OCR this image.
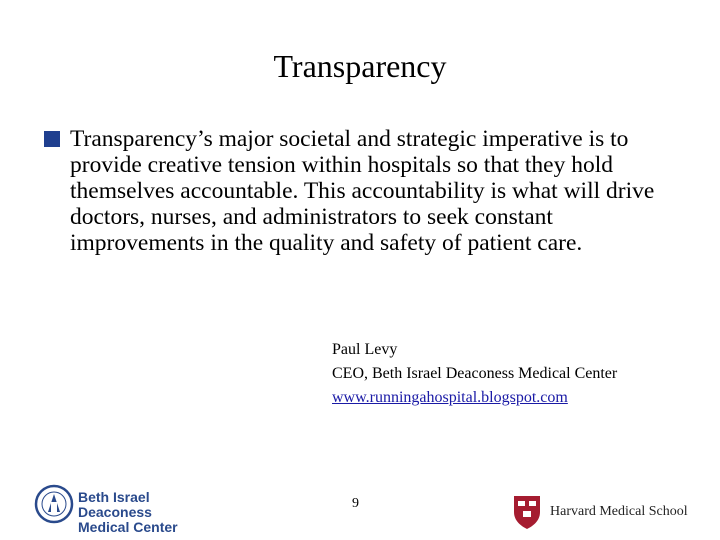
Transparency
Transparency’s major societal and strategic imperative is to provide creative tension within hospitals so that they hold themselves accountable. This accountability is what will drive doctors, nurses, and administrators to seek constant improvements in the quality and safety of patient care.
Paul Levy
CEO, Beth Israel Deaconess Medical Center
www.runningahospital.blogspot.com
9
Beth Israel Deaconess
Medical Center
Harvard Medical School
